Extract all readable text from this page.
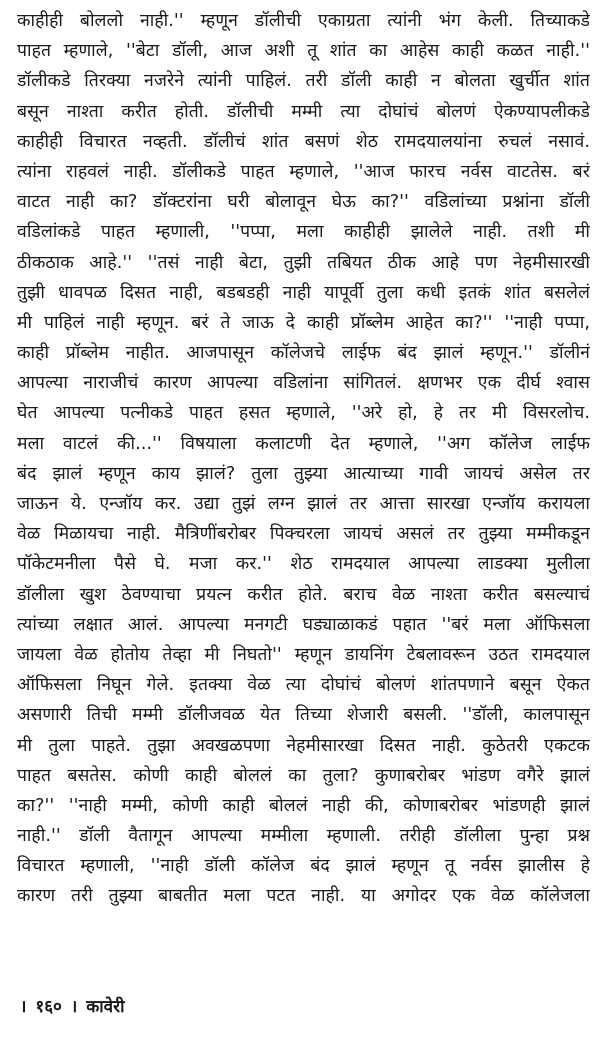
काहीही बोललो नाही.'' म्हणून डॉलीची एकाग्रता त्यांनी भंग केली. तिच्याकडे
पाहत म्हणाले, ''बेटा डॉली, आज अशी तू शांत का आहेस काही कळत नाही.''
डॉलीकडे तिरक्या नजरेने त्यांनी पाहिलं. तरी डॉली काही न बोलता खुर्चीत शांत
बसून नाश्ता करीत होती. डॉलीची मम्मी त्या दोघांचं बोलणं ऐकण्यापलीकडे
काहीही विचारत नव्हती. डॉलीचं शांत बसणं शेठ रामदयालयांना रुचलं नसावं.
त्यांना राहवलं नाही. डॉलीकडे पाहत म्हणाले, ''आज फारच नर्वस वाटतेस. बरं
वाटत नाही का? डॉक्टरांना घरी बोलावून घेऊ का?'' वडिलांच्या प्रश्नांना डॉली
वडिलांकडे पाहत म्हणाली, ''पप्पा, मला काहीही झालेले नाही. तशी मी
ठीकठाक आहे.'' ''तसं नाही बेटा, तुझी तबियत ठीक आहे पण नेहमीसारखी
तुझी धावपळ दिसत नाही, बडबडही नाही यापूर्वी तुला कधी इतकं शांत बसलेलं
मी पाहिलं नाही म्हणून. बरं ते जाऊ दे काही प्रॉब्लेम आहेत का?'' ''नाही पप्पा,
काही प्रॉब्लेम नाहीत. आजपासून कॉलेजचे लाईफ बंद झालं म्हणून.'' डॉलीनं
आपल्या नाराजीचं कारण आपल्या वडिलांना सांगितलं. क्षणभर एक दीर्घ श्वास
घेत आपल्या पत्नीकडे पाहत हसत म्हणाले, ''अरे हो, हे तर मी विसरलोच.
मला वाटलं की...'' विषयाला कलाटणी देत म्हणाले, ''अग कॉलेज लाईफ
बंद झालं म्हणून काय झालं? तुला तुझ्या आत्याच्या गावी जायचं असेल तर
जाऊन ये. एन्जॉय कर. उद्या तुझं लग्न झालं तर आत्ता सारखा एन्जॉय करायला
वेळ मिळायचा नाही. मैत्रिणींबरोबर पिक्चरला जायचं असलं तर तुझ्या मम्मीकडून
पॉकेटमनीला पैसे घे. मजा कर.'' शेठ रामदयाल आपल्या लाडक्या मुलीला
डॉलीला खुश ठेवण्याचा प्रयत्न करीत होते. बराच वेळ नाश्ता करीत बसल्याचं
त्यांच्या लक्षात आलं. आपल्या मनगटी घड्याळाकडं पहात ''बरं मला ऑफिसला
जायला वेळ होतोय तेव्हा मी निघतो'' म्हणून डायनिंग टेबलावरून उठत रामदयाल
ऑफिसला निघून गेले. इतक्या वेळ त्या दोघांचं बोलणं शांतपणाने बसून ऐकत
असणारी तिची मम्मी डॉलीजवळ येत तिच्या शेजारी बसली. ''डॉली, कालपासून
मी तुला पाहते. तुझा अवखळपणा नेहमीसारखा दिसत नाही. कुठेतरी एकटक
पाहत बसतेस. कोणी काही बोललं का तुला? कुणाबरोबर भांडण वगैरे झालं
का?'' ''नाही मम्मी, कोणी काही बोललं नाही की, कोणाबरोबर भांडणही झालं
नाही.'' डॉली वैतागून आपल्या मम्मीला म्हणाली. तरीही डॉलीला पुन्हा प्रश्न
विचारत म्हणाली, ''नाही डॉली कॉलेज बंद झालं म्हणून तू नर्वस झालीस हे
कारण तरी तुझ्या बाबतीत मला पटत नाही. या अगोदर एक वेळ कॉलेजला
। १६० । कावेरी
